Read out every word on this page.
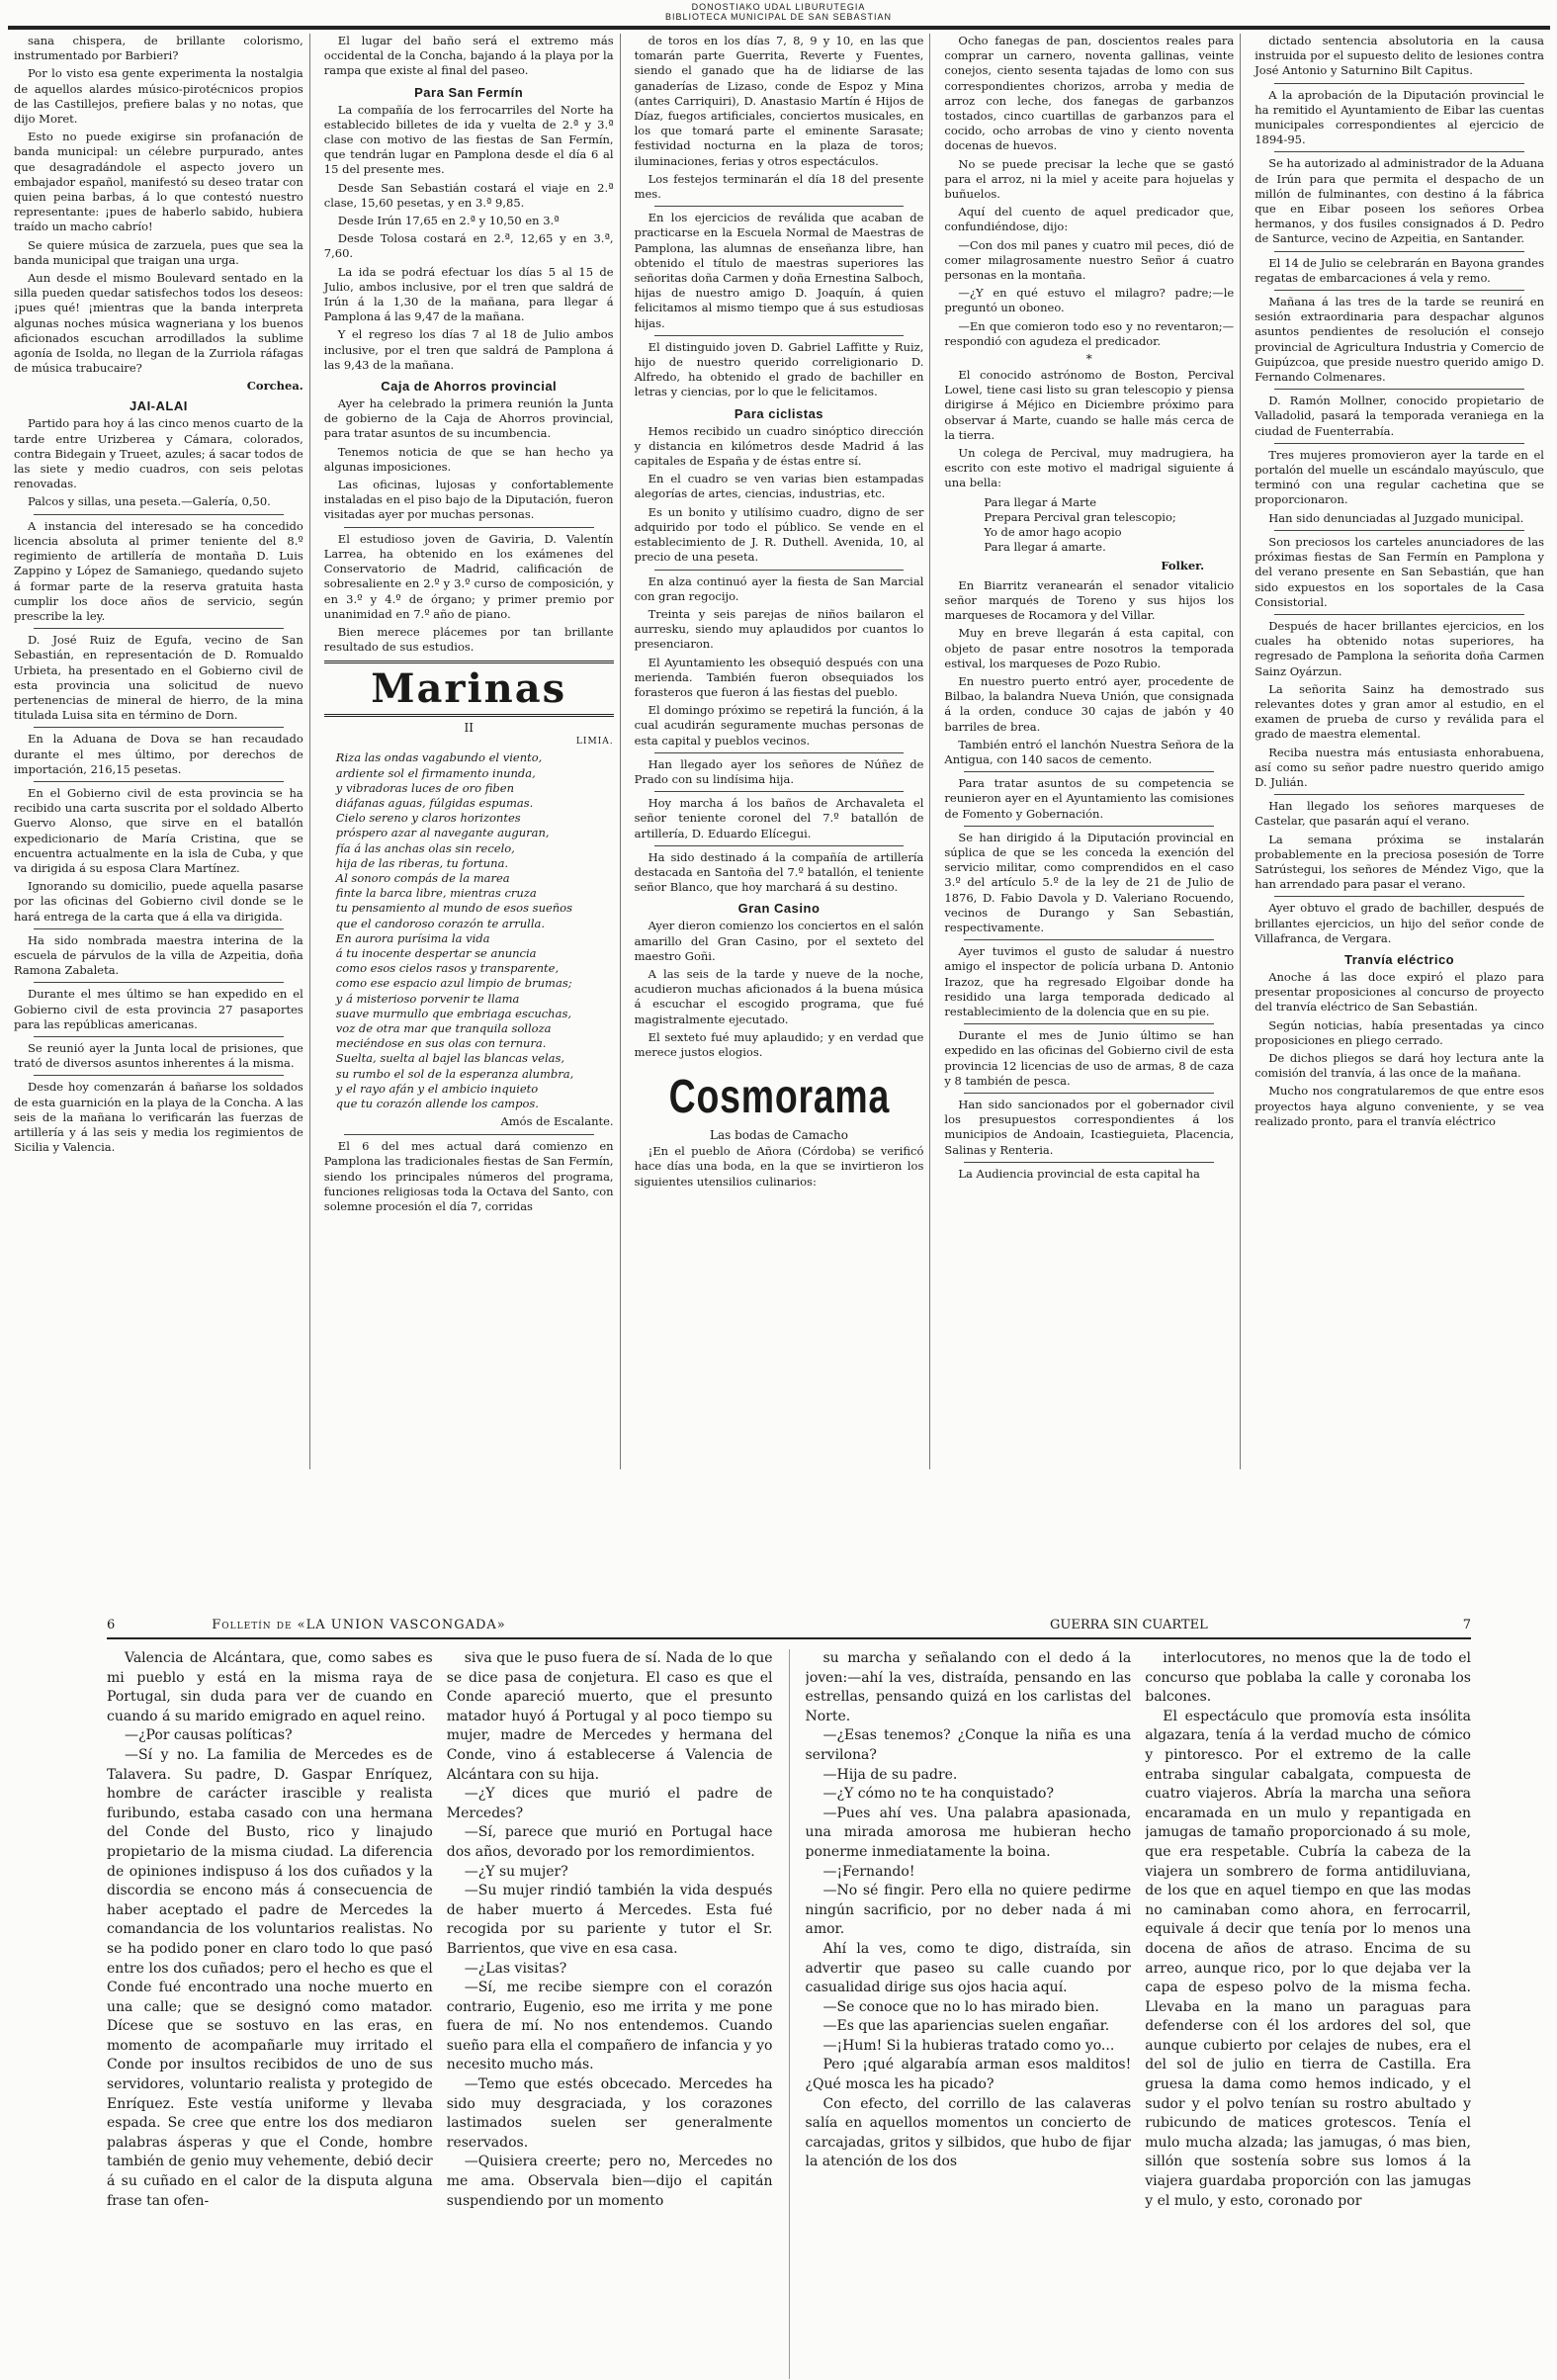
DONOSTIAKO UDAL LIBURUTEGIA
BIBLIOTECA MUNICIPAL DE SAN SEBASTIAN

sana chispera, de brillante colorismo, instrumentado por Barbieri?

Por lo visto esa gente experimenta la nostalgia de aquellos alardes músico-pirotécnicos propios de las Castillejos, prefiere balas y no notas, que dijo Moret.

Esto no puede exigirse sin profanación de banda municipal: un célebre purpurado, antes que desagradándole el aspecto jovero un embajador español, manifestó su deseo tratar con quien peina barbas, á lo que contestó nuestro representante: ¡pues de haberlo sabido, hubiera traído un macho cabrío!

Se quiere música de zarzuela, pues que sea la banda municipal que traigan una urga.

Aun desde el mismo Boulevard sentado en la silla pueden quedar satisfechos todos los deseos: ¡pues qué! ¡mientras que la banda interpreta algunas noches música wagneriana y los buenos aficionados escuchan arrodillados la sublime agonía de Isolda, no llegan de la Zurriola ráfagas de música trabucaire?

Corchea.

JAI-ALAI

Partido para hoy á las cinco menos cuarto de la tarde entre Urizberea y Cámara, colorados, contra Bidegain y Trueet, azules; á sacar todos de las siete y medio cuadros, con seis pelotas renovadas.

Palcos y sillas, una peseta.—Galería, 0,50.

A instancia del interesado se ha concedido licencia absoluta al primer teniente del 8.º regimiento de artillería de montaña D. Luis Zappino y López de Samaniego, quedando sujeto á formar parte de la reserva gratuita hasta cumplir los doce años de servicio, según prescribe la ley.

D. José Ruiz de Egufa, vecino de San Sebastián, en representación de D. Romualdo Urbieta, ha presentado en el Gobierno civil de esta provincia una solicitud de nuevo pertenencias de mineral de hierro, de la mina titulada Luisa sita en término de Dorn.

En la Aduana de Dova se han recaudado durante el mes último, por derechos de importación, 216,15 pesetas.

En el Gobierno civil de esta provincia se ha recibido una carta suscrita por el soldado Alberto Guervo Alonso, que sirve en el batallón expedicionario de María Cristina, que se encuentra actualmente en la isla de Cuba, y que va dirigida á su esposa Clara Martínez.

Ignorando su domicilio, puede aquella pasarse por las oficinas del Gobierno civil donde se le hará entrega de la carta que á ella va dirigida.

Ha sido nombrada maestra interina de la escuela de párvulos de la villa de Azpeitia, doña Ramona Zabaleta.

Durante el mes último se han expedido en el Gobierno civil de esta provincia 27 pasaportes para las repúblicas americanas.

Se reunió ayer la Junta local de prisiones, que trató de diversos asuntos inherentes á la misma.

Desde hoy comenzarán á bañarse los soldados de esta guarnición en la playa de la Concha. A las seis de la mañana lo verificarán las fuerzas de artillería y á las seis y media los regimientos de Sicilia y Valencia.

El lugar del baño será el extremo más occidental de la Concha, bajando á la playa por la rampa que existe al final del paseo.

Para San Fermín

La compañía de los ferrocarriles del Norte ha establecido billetes de ida y vuelta de 2.ª y 3.ª clase con motivo de las fiestas de San Fermín, que tendrán lugar en Pamplona desde el día 6 al 15 del presente mes.

Desde San Sebastián costará el viaje en 2.ª clase, 15,60 pesetas, y en 3.ª 9,85.

Desde Irún 17,65 en 2.ª y 10,50 en 3.ª

Desde Tolosa costará en 2.ª, 12,65 y en 3.ª, 7,60.

La ida se podrá efectuar los días 5 al 15 de Julio, ambos inclusive, por el tren que saldrá de Irún á la 1,30 de la mañana, para llegar á Pamplona á las 9,47 de la mañana.

Y el regreso los días 7 al 18 de Julio ambos inclusive, por el tren que saldrá de Pamplona á las 9,43 de la mañana.

Caja de Ahorros provincial

Ayer ha celebrado la primera reunión la Junta de gobierno de la Caja de Ahorros provincial, para tratar asuntos de su incumbencia.

Tenemos noticia de que se han hecho ya algunas imposiciones.

Las oficinas, lujosas y confortablemente instaladas en el piso bajo de la Diputación, fueron visitadas ayer por muchas personas.

El estudioso joven de Gaviria, D. Valentín Larrea, ha obtenido en los exámenes del Conservatorio de Madrid, calificación de sobresaliente en 2.º y 3.º curso de composición, y en 3.º y 4.º de órgano; y primer premio por unanimidad en 7.º año de piano.

Bien merece plácemes por tan brillante resultado de sus estudios.

Marinas
II
LIMIA.
Riza las ondas vagabundo el viento,
ardiente sol el firmamento inunda,
y vibradoras luces de oro fiben
diáfanas aguas, fúlgidas espumas.
Cielo sereno y claros horizontes
próspero azar al navegante auguran,
fía á las anchas olas sin recelo,
hija de las riberas, tu fortuna.
Al sonoro compás de la marea
finte la barca libre, mientras cruza
tu pensamiento al mundo de esos sueños
que el candoroso corazón te arrulla.
En aurora purísima la vida
á tu inocente despertar se anuncia
como esos cielos rasos y transparente,
como ese espacio azul limpio de brumas;
y á misterioso porvenir te llama
suave murmullo que embriaga escuchas,
voz de otra mar que tranquila solloza
meciéndose en sus olas con ternura.
Suelta, suelta al bajel las blancas velas,
su rumbo el sol de la esperanza alumbra,
y el rayo afán y el ambicio inquieto
que tu corazón allende los campos.
Amós de Escalante.

El 6 del mes actual dará comienzo en Pamplona las tradicionales fiestas de San Fermín, siendo los principales números del programa, funciones religiosas toda la Octava del Santo, con solemne procesión el día 7, corridas

de toros en los días 7, 8, 9 y 10, en las que tomarán parte Guerrita, Reverte y Fuentes, siendo el ganado que ha de lidiarse de las ganaderías de Lizaso, conde de Espoz y Mina (antes Carriquiri), D. Anastasio Martín é Hijos de Díaz, fuegos artificiales, conciertos musicales, en los que tomará parte el eminente Sarasate; festividad nocturna en la plaza de toros; iluminaciones, ferias y otros espectáculos.

Los festejos terminarán el día 18 del presente mes.

En los ejercicios de reválida que acaban de practicarse en la Escuela Normal de Maestras de Pamplona, las alumnas de enseñanza libre, han obtenido el título de maestras superiores las señoritas doña Carmen y doña Ernestina Salboch, hijas de nuestro amigo D. Joaquín, á quien felicitamos al mismo tiempo que á sus estudiosas hijas.

El distinguido joven D. Gabriel Laffitte y Ruiz, hijo de nuestro querido correligionario D. Alfredo, ha obtenido el grado de bachiller en letras y ciencias, por lo que le felicitamos.

Para ciclistas

Hemos recibido un cuadro sinóptico dirección y distancia en kilómetros desde Madrid á las capitales de España y de éstas entre sí.

En el cuadro se ven varias bien estampadas alegorías de artes, ciencias, industrias, etc.

Es un bonito y utilísimo cuadro, digno de ser adquirido por todo el público. Se vende en el establecimiento de J. R. Duthell. Avenida, 10, al precio de una peseta.

En alza continuó ayer la fiesta de San Marcial con gran regocijo.

Treinta y seis parejas de niños bailaron el aurresku, siendo muy aplaudidos por cuantos lo presenciaron.

El Ayuntamiento les obsequió después con una merienda. También fueron obsequiados los forasteros que fueron á las fiestas del pueblo.

El domingo próximo se repetirá la función, á la cual acudirán seguramente muchas personas de esta capital y pueblos vecinos.

Han llegado ayer los señores de Núñez de Prado con su lindísima hija.

Hoy marcha á los baños de Archavaleta el señor teniente coronel del 7.º batallón de artillería, D. Eduardo Elícegui.

Ha sido destinado á la compañía de artillería destacada en Santoña del 7.º batallón, el teniente señor Blanco, que hoy marchará á su destino.

Gran Casino

Ayer dieron comienzo los conciertos en el salón amarillo del Gran Casino, por el sexteto del maestro Goñi.

A las seis de la tarde y nueve de la noche, acudieron muchas aficionados á la buena música á escuchar el escogido programa, que fué magistralmente ejecutado.

El sexteto fué muy aplaudido; y en verdad que merece justos elogios.

Cosmorama
Las bodas de Camacho

¡En el pueblo de Añora (Córdoba) se verificó hace días una boda, en la que se invirtieron los siguientes utensilios culinarios:

Ocho fanegas de pan, doscientos reales para comprar un carnero, noventa gallinas, veinte conejos, ciento sesenta tajadas de lomo con sus correspondientes chorizos, arroba y media de arroz con leche, dos fanegas de garbanzos tostados, cinco cuartillas de garbanzos para el cocido, ocho arrobas de vino y ciento noventa docenas de huevos.

No se puede precisar la leche que se gastó para el arroz, ni la miel y aceite para hojuelas y buñuelos.

Aquí del cuento de aquel predicador que, confundiéndose, dijo:

—Con dos mil panes y cuatro mil peces, dió de comer milagrosamente nuestro Señor á cuatro personas en la montaña.

—¿Y en qué estuvo el milagro? padre;—le preguntó un oboneo.

—En que comieron todo eso y no reventaron;—respondió con agudeza el predicador.

*

El conocido astrónomo de Boston, Percival Lowel, tiene casi listo su gran telescopio y piensa dirigirse á Méjico en Diciembre próximo para observar á Marte, cuando se halle más cerca de la tierra.

Un colega de Percival, muy madrugiera, ha escrito con este motivo el madrigal siguiente á una bella:

Para llegar á Marte
Prepara Percival gran telescopio;
Yo de amor hago acopio
Para llegar á amarte.
Folker.

En Biarritz veranearán el senador vitalicio señor marqués de Toreno y sus hijos los marqueses de Rocamora y del Villar.

Muy en breve llegarán á esta capital, con objeto de pasar entre nosotros la temporada estival, los marqueses de Pozo Rubio.

En nuestro puerto entró ayer, procedente de Bilbao, la balandra Nueva Unión, que consignada á la orden, conduce 30 cajas de jabón y 40 barriles de brea.

También entró el lanchón Nuestra Señora de la Antigua, con 140 sacos de cemento.

Para tratar asuntos de su competencia se reunieron ayer en el Ayuntamiento las comisiones de Fomento y Gobernación.

Se han dirigido á la Diputación provincial en súplica de que se les conceda la exención del servicio militar, como comprendidos en el caso 3.º del artículo 5.º de la ley de 21 de Julio de 1876, D. Fabio Davola y D. Valeriano Rocuendo, vecinos de Durango y San Sebastián, respectivamente.

Ayer tuvimos el gusto de saludar á nuestro amigo el inspector de policía urbana D. Antonio Irazoz, que ha regresado Elgoibar donde ha residido una larga temporada dedicado al restablecimiento de la dolencia que en su pie.

Durante el mes de Junio último se han expedido en las oficinas del Gobierno civil de esta provincia 12 licencias de uso de armas, 8 de caza y 8 también de pesca.

Han sido sancionados por el gobernador civil los presupuestos correspondientes á los municipios de Andoain, Icastieguieta, Placencia, Salinas y Renteria.

La Audiencia provincial de esta capital ha

dictado sentencia absolutoria en la causa instruida por el supuesto delito de lesiones contra José Antonio y Saturnino Bilt Capitus.

A la aprobación de la Diputación provincial le ha remitido el Ayuntamiento de Eibar las cuentas municipales correspondientes al ejercicio de 1894-95.

Se ha autorizado al administrador de la Aduana de Irún para que permita el despacho de un millón de fulminantes, con destino á la fábrica que en Eibar poseen los señores Orbea hermanos, y dos fusiles consignados á D. Pedro de Santurce, vecino de Azpeitia, en Santander.

El 14 de Julio se celebrarán en Bayona grandes regatas de embarcaciones á vela y remo.

Mañana á las tres de la tarde se reunirá en sesión extraordinaria para despachar algunos asuntos pendientes de resolución el consejo provincial de Agricultura Industria y Comercio de Guipúzcoa, que preside nuestro querido amigo D. Fernando Colmenares.

D. Ramón Mollner, conocido propietario de Valladolid, pasará la temporada veraniega en la ciudad de Fuenterrabía.

Tres mujeres promovieron ayer la tarde en el portalón del muelle un escándalo mayúsculo, que terminó con una regular cachetina que se proporcionaron.

Han sido denunciadas al Juzgado municipal.

Son preciosos los carteles anunciadores de las próximas fiestas de San Fermín en Pamplona y del verano presente en San Sebastián, que han sido expuestos en los soportales de la Casa Consistorial.

Después de hacer brillantes ejercicios, en los cuales ha obtenido notas superiores, ha regresado de Pamplona la señorita doña Carmen Sainz Oyárzun.

La señorita Sainz ha demostrado sus relevantes dotes y gran amor al estudio, en el examen de prueba de curso y reválida para el grado de maestra elemental.

Reciba nuestra más entusiasta enhorabuena, así como su señor padre nuestro querido amigo D. Julián.

Han llegado los señores marqueses de Castelar, que pasarán aquí el verano.

La semana próxima se instalarán probablemente en la preciosa posesión de Torre Satrústegui, los señores de Méndez Vigo, que la han arrendado para pasar el verano.

Ayer obtuvo el grado de bachiller, después de brillantes ejercicios, un hijo del señor conde de Villafranca, de Vergara.

Tranvía eléctrico

Anoche á las doce expiró el plazo para presentar proposiciones al concurso de proyecto del tranvía eléctrico de San Sebastián.

Según noticias, había presentadas ya cinco proposiciones en pliego cerrado.

De dichos pliegos se dará hoy lectura ante la comisión del tranvía, á las once de la mañana.

Mucho nos congratularemos de que entre esos proyectos haya alguno conveniente, y se vea realizado pronto, para el tranvía eléctrico

6	Folletín de «LA UNIÓN VASCONGADA»	GUERRA SIN CUARTEL	7

Valencia de Alcántara, que, como sabes es mi pueblo y está en la misma raya de Portugal, sin duda para ver de cuando en cuando á su marido emigrado en aquel reino.

—¿Por causas políticas?

—Sí y no. La familia de Mercedes es de Talavera. Su padre, D. Gaspar Enríquez, hombre de carácter irascible y realista furibundo, estaba casado con una hermana del Conde del Busto, rico y linajudo propietario de la misma ciudad. La diferencia de opiniones indispuso á los dos cuñados y la discordia se encono más á consecuencia de haber aceptado el padre de Mercedes la comandancia de los voluntarios realistas. No se ha podido poner en claro todo lo que pasó entre los dos cuñados; pero el hecho es que el Conde fué encontrado una noche muerto en una calle; que se designó como matador. Dícese que se sostuvo en las eras, en momento de acompañarle muy irritado el Conde por insultos recibidos de uno de sus servidores, voluntario realista y protegido de Enríquez. Este vestía uniforme y llevaba espada. Se cree que entre los dos mediaron palabras ásperas y que el Conde, hombre también de genio muy vehemente, debió decir á su cuñado en el calor de la disputa alguna frase tan ofen-

siva que le puso fuera de sí. Nada de lo que se dice pasa de conjetura. El caso es que el Conde apareció muerto, que el presunto matador huyó á Portugal y al poco tiempo su mujer, madre de Mercedes y hermana del Conde, vino á establecerse á Valencia de Alcántara con su hija.

—¿Y dices que murió el padre de Mercedes?

—Sí, parece que murió en Portugal hace dos años, devorado por los remordimientos.

—¿Y su mujer?

—Su mujer rindió también la vida después de haber muerto á Mercedes. Esta fué recogida por su pariente y tutor el Sr. Barrientos, que vive en esa casa.

—¿Las visitas?

—Sí, me recibe siempre con el corazón contrario, Eugenio, eso me irrita y me pone fuera de mí. No nos entendemos. Cuando sueño para ella el compañero de infancia y yo necesito mucho más.

—Temo que estés obcecado. Mercedes ha sido muy desgraciada, y los corazones lastimados suelen ser generalmente reservados.

—Quisiera creerte; pero no, Mercedes no me ama. Observala bien—dijo el capitán suspendiendo por un momento

su marcha y señalando con el dedo á la joven:—ahí la ves, distraída, pensando en las estrellas, pensando quizá en los carlistas del Norte.

—¿Esas tenemos? ¿Conque la niña es una servilona?

—Hija de su padre.

—¿Y cómo no te ha conquistado?

—Pues ahí ves. Una palabra apasionada, una mirada amorosa me hubieran hecho ponerme inmediatamente la boina.

—¡Fernando!

—No sé fingir. Pero ella no quiere pedirme ningún sacrificio, por no deber nada á mi amor.

Ahí la ves, como te digo, distraída, sin advertir que paseo su calle cuando por casualidad dirige sus ojos hacia aquí.

—Se conoce que no lo has mirado bien.

—Es que las apariencias suelen engañar.

—¡Hum! Si la hubieras tratado como yo...

Pero ¡qué algarabía arman esos malditos! ¿Qué mosca les ha picado?

Con efecto, del corrillo de las calaveras salía en aquellos momentos un concierto de carcajadas, gritos y silbidos, que hubo de fijar la atención de los dos

interlocutores, no menos que la de todo el concurso que poblaba la calle y coronaba los balcones.

El espectáculo que promovía esta insólita algazara, tenía á la verdad mucho de cómico y pintoresco. Por el extremo de la calle entraba singular cabalgata, compuesta de cuatro viajeros. Abría la marcha una señora encaramada en un mulo y repantigada en jamugas de tamaño proporcionado á su mole, que era respetable. Cubría la cabeza de la viajera un sombrero de forma antidiluviana, de los que en aquel tiempo en que las modas no caminaban como ahora, en ferrocarril, equivale á decir que tenía por lo menos una docena de años de atraso. Encima de su arreo, aunque rico, por lo que dejaba ver la capa de espeso polvo de la misma fecha. Llevaba en la mano un paraguas para defenderse con él los ardores del sol, que aunque cubierto por celajes de nubes, era el del sol de julio en tierra de Castilla. Era gruesa la dama como hemos indicado, y el sudor y el polvo tenían su rostro abultado y rubicundo de matices grotescos. Tenía el mulo mucha alzada; las jamugas, ó mas bien, sillón que sostenía sobre sus lomos á la viajera guardaba proporción con las jamugas y el mulo, y esto, coronado por
